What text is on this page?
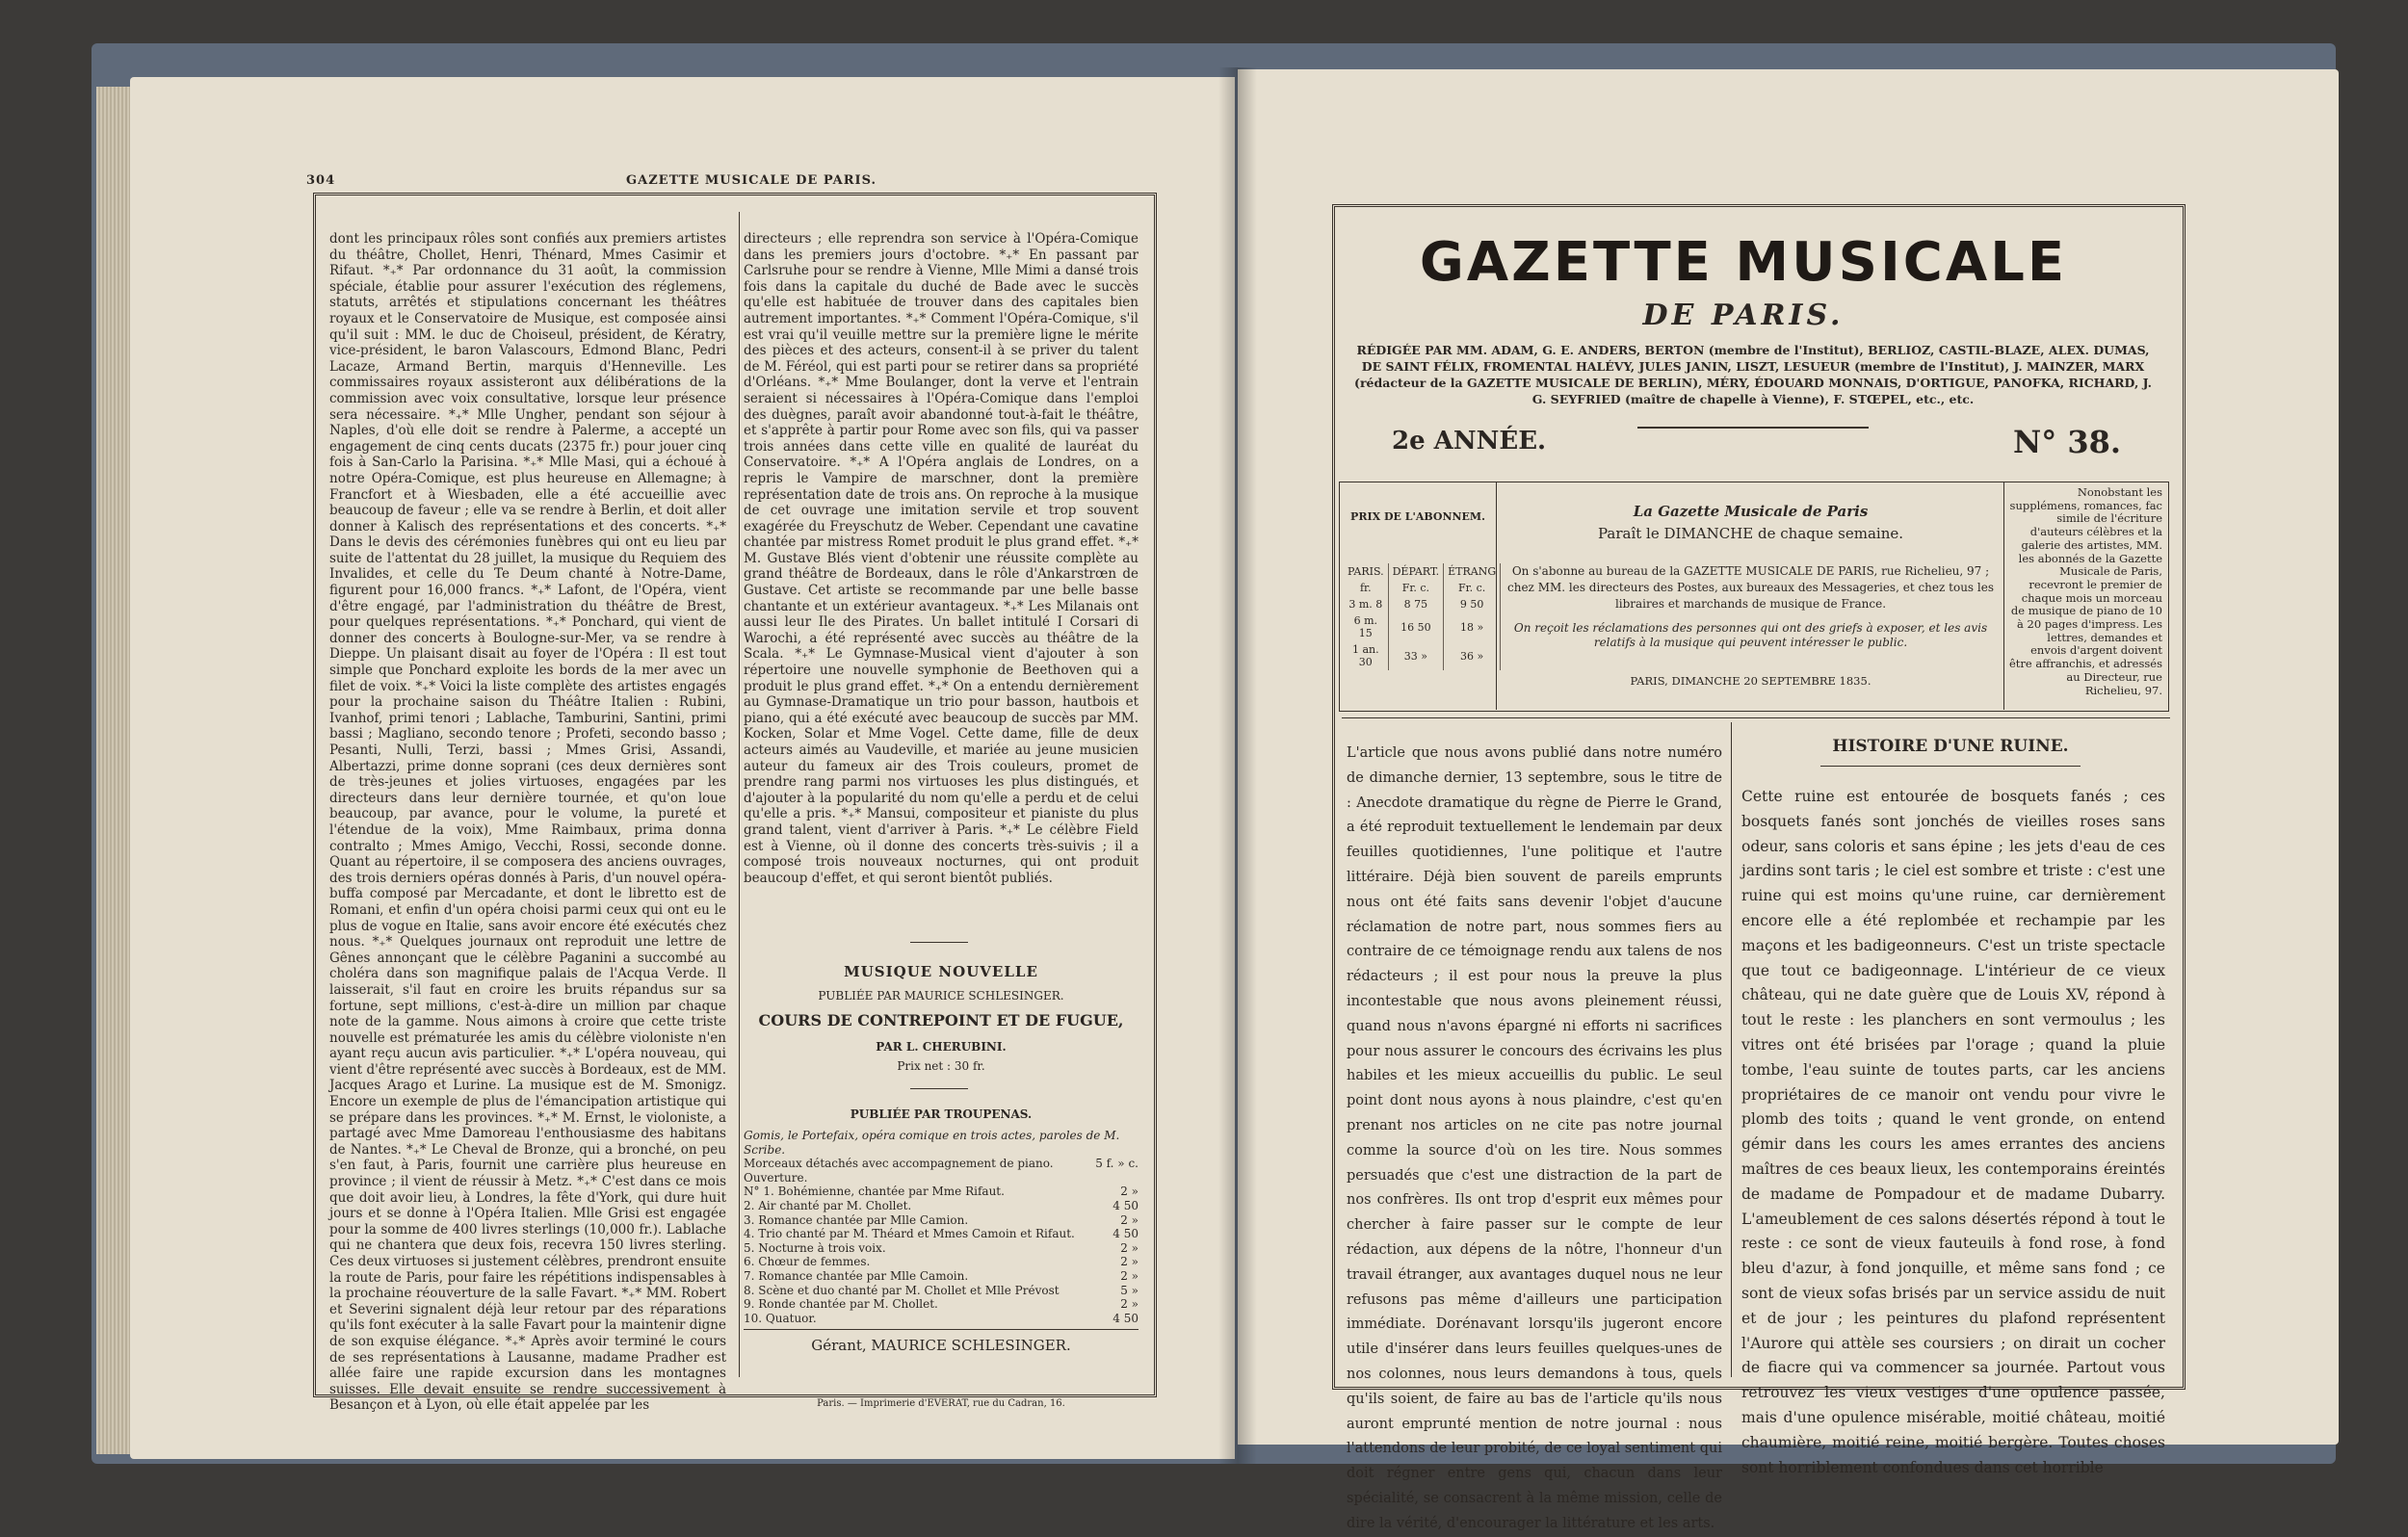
304	GAZETTE MUSICALE DE PARIS.
dont les principaux rôles sont confiés aux premiers artistes du théâtre, Chollet, Henri, Thénard, Mmes Casimir et Rifaut. *₊* Par ordonnance du 31 août, la commission spéciale, établie pour assurer l'exécution des réglemens, statuts, arrêtés et stipulations concernant les théâtres royaux et le Conservatoire de Musique, est composée ainsi qu'il suit : MM. le duc de Choiseul, président, de Kératry, vice-président, le baron Valascours, Edmond Blanc, Pedri Lacaze, Armand Bertin, marquis d'Henneville. Les commissaires royaux assisteront aux délibérations de la commission avec voix consultative, lorsque leur présence sera nécessaire. *₊* Mlle Ungher, pendant son séjour à Naples, d'où elle doit se rendre à Palerme, a accepté un engagement de cinq cents ducats (2375 fr.) pour jouer cinq fois à San-Carlo la Parisina. *₊* Mlle Masi, qui a échoué à notre Opéra-Comique, est plus heureuse en Allemagne; à Francfort et à Wiesbaden, elle a été accueillie avec beaucoup de faveur ; elle va se rendre à Berlin, et doit aller donner à Kalisch des représentations et des concerts. *₊* Dans le devis des cérémonies funèbres qui ont eu lieu par suite de l'attentat du 28 juillet, la musique du Requiem des Invalides, et celle du Te Deum chanté à Notre-Dame, figurent pour 16,000 francs. *₊* Lafont, de l'Opéra, vient d'être engagé, par l'administration du théâtre de Brest, pour quelques représentations. *₊* Ponchard, qui vient de donner des concerts à Boulogne-sur-Mer, va se rendre à Dieppe. Un plaisant disait au foyer de l'Opéra : Il est tout simple que Ponchard exploite les bords de la mer avec un filet de voix. *₊* Voici la liste complète des artistes engagés pour la prochaine saison du Théâtre Italien : Rubini, Ivanhof, primi tenori ; Lablache, Tamburini, Santini, primi bassi ; Magliano, secondo tenore ; Profeti, secondo basso ; Pesanti, Nulli, Terzi, bassi ; Mmes Grisi, Assandi, Albertazzi, prime donne soprani (ces deux dernières sont de très-jeunes et jolies virtuoses, engagées par les directeurs dans leur dernière tournée, et qu'on loue beaucoup, par avance, pour le volume, la pureté et l'étendue de la voix), Mme Raimbaux, prima donna contralto ; Mmes Amigo, Vecchi, Rossi, seconde donne. Quant au répertoire, il se composera des anciens ouvrages, des trois derniers opéras donnés à Paris, d'un nouvel opéra-buffa composé par Mercadante, et dont le libretto est de Romani, et enfin d'un opéra choisi parmi ceux qui ont eu le plus de vogue en Italie, sans avoir encore été exécutés chez nous. *₊* Quelques journaux ont reproduit une lettre de Gênes annonçant que le célèbre Paganini a succombé au choléra dans son magnifique palais de l'Acqua Verde. Il laisserait, s'il faut en croire les bruits répandus sur sa fortune, sept millions, c'est-à-dire un million par chaque note de la gamme. Nous aimons à croire que cette triste nouvelle est prématurée les amis du célèbre violoniste n'en ayant reçu aucun avis particulier. *₊* L'opéra nouveau, qui vient d'être représenté avec succès à Bordeaux, est de MM. Jacques Arago et Lurine. La musique est de M. Smonigz. Encore un exemple de plus de l'émancipation artistique qui se prépare dans les provinces. *₊* M. Ernst, le violoniste, a partagé avec Mme Damoreau l'enthousiasme des habitans de Nantes. *₊* Le Cheval de Bronze, qui a bronché, on peu s'en faut, à Paris, fournit une carrière plus heureuse en province ; il vient de réussir à Metz. *₊* C'est dans ce mois que doit avoir lieu, à Londres, la fête d'York, qui dure huit jours et se donne à l'Opéra Italien. Mlle Grisi est engagée pour la somme de 400 livres sterlings (10,000 fr.). Lablache qui ne chantera que deux fois, recevra 150 livres sterling. Ces deux virtuoses si justement célèbres, prendront ensuite la route de Paris, pour faire les répétitions indispensables à la prochaine réouverture de la salle Favart. *₊* MM. Robert et Severini signalent déjà leur retour par des réparations qu'ils font exécuter à la salle Favart pour la maintenir digne de son exquise élégance. *₊* Après avoir terminé le cours de ses représentations à Lausanne, madame Pradher est allée faire une rapide excursion dans les montagnes suisses. Elle devait ensuite se rendre successivement à Besançon et à Lyon, où elle était appelée par les
directeurs ; elle reprendra son service à l'Opéra-Comique dans les premiers jours d'octobre. *₊* En passant par Carlsruhe pour se rendre à Vienne, Mlle Mimi a dansé trois fois dans la capitale du duché de Bade avec le succès qu'elle est habituée de trouver dans des capitales bien autrement importantes. *₊* Comment l'Opéra-Comique, s'il est vrai qu'il veuille mettre sur la première ligne le mérite des pièces et des acteurs, consent-il à se priver du talent de M. Féréol, qui est parti pour se retirer dans sa propriété d'Orléans. *₊* Mme Boulanger, dont la verve et l'entrain seraient si nécessaires à l'Opéra-Comique dans l'emploi des duègnes, paraît avoir abandonné tout-à-fait le théâtre, et s'apprête à partir pour Rome avec son fils, qui va passer trois années dans cette ville en qualité de lauréat du Conservatoire. *₊* A l'Opéra anglais de Londres, on a repris le Vampire de marschner, dont la première représentation date de trois ans. On reproche à la musique de cet ouvrage une imitation servile et trop souvent exagérée du Freyschutz de Weber. Cependant une cavatine chantée par mistress Romet produit le plus grand effet. *₊* M. Gustave Blés vient d'obtenir une réussite complète au grand théâtre de Bordeaux, dans le rôle d'Ankarstrœn de Gustave. Cet artiste se recommande par une belle basse chantante et un extérieur avantageux. *₊* Les Milanais ont aussi leur Ile des Pirates. Un ballet intitulé I Corsari di Warochi, a été représenté avec succès au théâtre de la Scala. *₊* Le Gymnase-Musical vient d'ajouter à son répertoire une nouvelle symphonie de Beethoven qui a produit le plus grand effet. *₊* On a entendu dernièrement au Gymnase-Dramatique un trio pour basson, hautbois et piano, qui a été exécuté avec beaucoup de succès par MM. Kocken, Solar et Mme Vogel. Cette dame, fille de deux acteurs aimés au Vaudeville, et mariée au jeune musicien auteur du fameux air des Trois couleurs, promet de prendre rang parmi nos virtuoses les plus distingués, et d'ajouter à la popularité du nom qu'elle a perdu et de celui qu'elle a pris. *₊* Mansui, compositeur et pianiste du plus grand talent, vient d'arriver à Paris. *₊* Le célèbre Field est à Vienne, où il donne des concerts très-suivis ; il a composé trois nouveaux nocturnes, qui ont produit beaucoup d'effet, et qui seront bientôt publiés.
MUSIQUE NOUVELLE
PUBLIÉE PAR MAURICE SCHLESINGER.
COURS DE CONTREPOINT ET DE FUGUE,
PAR L. CHERUBINI.
Prix net : 30 fr.
PUBLIÉE PAR TROUPENAS.
Gomis, le Portefaix, opéra comique en trois actes, paroles de M. Scribe.
Morceaux détachés avec accompagnement de piano.	5 f. » c.
Ouverture.
N° 1. Bohémienne, chantée par Mme Rifaut.	2 »
2. Air chanté par M. Chollet.	4 50
3. Romance chantée par Mlle Camion.	2 »
4. Trio chanté par M. Théard et Mmes Camoin et Rifaut.	4 50
5. Nocturne à trois voix.	2 »
6. Chœur de femmes.	2 »
7. Romance chantée par Mlle Camoin.	2 »
8. Scène et duo chanté par M. Chollet et Mlle Prévost	5 »
9. Ronde chantée par M. Chollet.	2 »
10. Quatuor.	4 50
Gérant, MAURICE SCHLESINGER.
Paris. — Imprimerie d'EVERAT, rue du Cadran, 16.
GAZETTE MUSICALE
DE PARIS.
RÉDIGÉE PAR MM. ADAM, G. E. ANDERS, BERTON (membre de l'Institut), BERLIOZ, CASTIL-BLAZE, ALEX. DUMAS, DE SAINT FÉLIX, FROMENTAL HALÉVY, JULES JANIN, LISZT, LESUEUR (membre de l'Institut), J. MAINZER, MARX (rédacteur de la GAZETTE MUSICALE DE BERLIN), MÉRY, ÉDOUARD MONNAIS, D'ORTIGUE, PANOFKA, RICHARD, J. G. SEYFRIED (maître de chapelle à Vienne), F. STŒPEL, etc., etc.
2e ANNÉE.	N° 38.
PRIX DE L'ABONNEM.
PARIS.	DÉPART.	ÉTRANG
fr.	Fr. c.	Fr. c.
3 m. 8	8 75	9 50
6 m. 15	16 50	18 »
1 an. 30	33 »	36 »
La Gazette Musicale de Paris
Paraît le DIMANCHE de chaque semaine.
On s'abonne au bureau de la GAZETTE MUSICALE DE PARIS, rue Richelieu, 97 ; chez MM. les directeurs des Postes, aux bureaux des Messageries, et chez tous les libraires et marchands de musique de France.
On reçoit les réclamations des personnes qui ont des griefs à exposer, et les avis relatifs à la musique qui peuvent intéresser le public.
PARIS, DIMANCHE 20 SEPTEMBRE 1835.
Nonobstant les supplémens, romances, fac simile de l'écriture d'auteurs célèbres et la galerie des artistes, MM. les abonnés de la Gazette Musicale de Paris, recevront le premier de chaque mois un morceau de musique de piano de 10 à 20 pages d'impress. Les lettres, demandes et envois d'argent doivent être affranchis, et adressés au Directeur, rue Richelieu, 97.
L'article que nous avons publié dans notre numéro de dimanche dernier, 13 septembre, sous le titre de : Anecdote dramatique du règne de Pierre le Grand, a été reproduit textuellement le lendemain par deux feuilles quotidiennes, l'une politique et l'autre littéraire. Déjà bien souvent de pareils emprunts nous ont été faits sans devenir l'objet d'aucune réclamation de notre part, nous sommes fiers au contraire de ce témoignage rendu aux talens de nos rédacteurs ; il est pour nous la preuve la plus incontestable que nous avons pleinement réussi, quand nous n'avons épargné ni efforts ni sacrifices pour nous assurer le concours des écrivains les plus habiles et les mieux accueillis du public. Le seul point dont nous ayons à nous plaindre, c'est qu'en prenant nos articles on ne cite pas notre journal comme la source d'où on les tire. Nous sommes persuadés que c'est une distraction de la part de nos confrères. Ils ont trop d'esprit eux mêmes pour chercher à faire passer sur le compte de leur rédaction, aux dépens de la nôtre, l'honneur d'un travail étranger, aux avantages duquel nous ne leur refusons pas même d'ailleurs une participation immédiate. Dorénavant lorsqu'ils jugeront encore utile d'insérer dans leurs feuilles quelques-unes de nos colonnes, nous leurs demandons à tous, quels qu'ils soient, de faire au bas de l'article qu'ils nous auront emprunté mention de notre journal : nous l'attendons de leur probité, de ce loyal sentiment qui doit régner entre gens qui, chacun dans leur spécialité, se consacrent à la même mission, celle de dire la vérité, d'encourager la littérature et les arts.
HISTOIRE D'UNE RUINE.
Cette ruine est entourée de bosquets fanés ; ces bosquets fanés sont jonchés de vieilles roses sans odeur, sans coloris et sans épine ; les jets d'eau de ces jardins sont taris ; le ciel est sombre et triste : c'est une ruine qui est moins qu'une ruine, car dernièrement encore elle a été replombée et rechampie par les maçons et les badigeonneurs. C'est un triste spectacle que tout ce badigeonnage. L'intérieur de ce vieux château, qui ne date guère que de Louis XV, répond à tout le reste : les planchers en sont vermoulus ; les vitres ont été brisées par l'orage ; quand la pluie tombe, l'eau suinte de toutes parts, car les anciens propriétaires de ce manoir ont vendu pour vivre le plomb des toits ; quand le vent gronde, on entend gémir dans les cours les ames errantes des anciens maîtres de ces beaux lieux, les contemporains éreintés de madame de Pompadour et de madame Dubarry. L'ameublement de ces salons désertés répond à tout le reste : ce sont de vieux fauteuils à fond rose, à fond bleu d'azur, à fond jonquille, et même sans fond ; ce sont de vieux sofas brisés par un service assidu de nuit et de jour ; les peintures du plafond représentent l'Aurore qui attèle ses coursiers ; on dirait un cocher de fiacre qui va commencer sa journée. Partout vous retrouvez les vieux vestiges d'une opulence passée, mais d'une opulence misérable, moitié château, moitié chaumière, moitié reine, moitié bergère. Toutes choses sont horriblement confondues dans cet horrible
